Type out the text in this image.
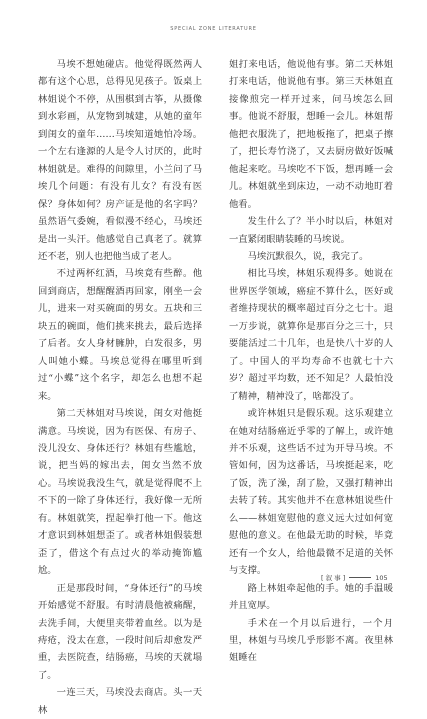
SPECIAL ZONE LITERATURE

马埃不想她碰店。他觉得既然两人都有这个心思，总得见见孩子。饭桌上林姐说个不停，从围棋到古筝，从摄像到水彩画，从宠物到城建，从她的童年到闺女的童年……马埃知道她怕冷场。一个左右逢源的人是令人讨厌的，此时林姐就是。难得的间隙里，小兰问了马埃几个问题：有没有儿女？有没有医保？身体如何？房产证是他的名字吗？虽然语气委婉，看似漫不经心，马埃还是出一头汗。他感觉自己真老了。就算还不老，别人也把他当成了老人。

不过两杯红酒，马埃竟有些醉。他回到商店，想醒醒酒再回家，刚坐一会儿，进来一对买碗面的男女。五块和三块五的碗面，他们挑来挑去，最后选择了后者。女人身材臃肿，白发很多，男人叫她小蝶。马埃总觉得在哪里听到过“小蝶”这个名字，却怎么也想不起来。

第二天林姐对马埃说，闺女对他挺满意。马埃说，因为有医保、有房子、没儿没女、身体还行？林姐有些尴尬，说，把当妈的嫁出去，闺女当然不放心。马埃说我没生气，就是觉得爬不上不下的一除了身体还行，我好像一无所有。林姐就笑，捏起拳打他一下。他这才意识到林姐想歪了。或者林姐假装想歪了，借这个有点过火的举动掩饰尴尬。

正是那段时间，“身体还行”的马埃开始感觉不舒服。有时清晨他被痛醒，去洗手间，大便里夹带着血丝。以为是痔疮，没太在意，一段时间后却愈发严重，去医院查，结肠癌，马埃的天就塌了。

一连三天，马埃没去商店。头一天林

姐打来电话，他说他有事。第二天林姐打来电话，他说他有事。第三天林姐直接像煎完一样开过来，问马埃怎么回事。他说不舒服，想睡一会儿。林姐帮他把衣服洗了，把地板拖了，把桌子擦了，把长寿竹浇了，又去厨房做好饭喊他起来吃。马埃吃不下饭，想再睡一会儿。林姐就坐到床边，一动不动地盯着他看。

发生什么了？半小时以后，林姐对一直紧闭眼睛装睡的马埃说。

马埃沉默很久，说，我完了。

相比马埃，林姐乐观得多。她说在世界医学领域，癌症不算什么，医好或者维持现状的概率超过百分之七十。退一万步说，就算你是那百分之三十，只要能活过二十几年，也是快八十岁的人了。中国人的平均寿命不也就七十六岁？超过平均数，还不知足？人最怕没了精神，精神没了，啥都没了。

或许林姐只是假乐观。这乐观建立在她对结肠癌近乎零的了解上，或许她并不乐观，这些话不过为开导马埃。不管如何，因为这番话，马埃挺起来，吃了饭，洗了澡，刮了脸，又强打精神出去转了转。其实他并不在意林姐说些什么——林姐宽慰他的意义远大过如何宽慰他的意义。在他最无助的时候，毕竟还有一个女人，给他最微不足道的关怀与支撑。

路上林姐牵起他的手。她的手温暖并且宽厚。

手术在一个月以后进行，一个月里，林姐与马埃几乎形影不离。夜里林姐睡在

[ 叙 事 ]	105
